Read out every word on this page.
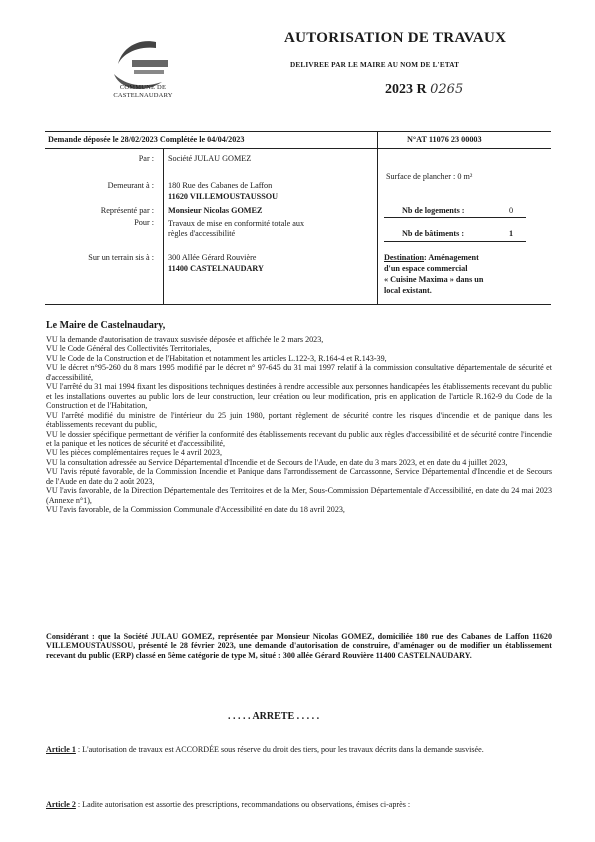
COMMUNE DE
CASTELNAUDARY
AUTORISATION DE TRAVAUX
DELIVREE PAR LE MAIRE AU NOM DE L'ETAT
2023 R 0265
Demande déposée le 28/02/2023 Complétée le 04/04/2023	N°AT 11076 23 00003
Par : Société JULAU GOMEZ
Demeurant à : 180 Rue des Cabanes de Laffon
11620 VILLEMOUSTAUSSOU
Représenté par : Monsieur Nicolas GOMEZ
Pour : Travaux de mise en conformité totale aux
règles d'accessibilité
Sur un terrain sis à : 300 Allée Gérard Rouvière
11400 CASTELNAUDARY
Surface de plancher : 0 m²
Nb de logements :	0
Nb de bâtiments :	1
Destination: Aménagement
d'un espace commercial
« Cuisine Maxima » dans un
local existant.
Le Maire de Castelnaudary,
VU la demande d'autorisation de travaux susvisée déposée et affichée le 2 mars 2023,
VU le Code Général des Collectivités Territoriales,
VU le Code de la Construction et de l'Habitation et notamment les articles L.122-3, R.164-4 et R.143-39,
VU le décret n°95-260 du 8 mars 1995 modifié par le décret n° 97-645 du 31 mai 1997 relatif à la commission consultative départementale de sécurité et d'accessibilité,
VU l'arrêté du 31 mai 1994 fixant les dispositions techniques destinées à rendre accessible aux personnes handicapées les établissements recevant du public et les installations ouvertes au public lors de leur construction, leur création ou leur modification, pris en application de l'article R.162-9 du Code de la Construction et de l'Habitation,
VU l'arrêté modifié du ministre de l'intérieur du 25 juin 1980, portant règlement de sécurité contre les risques d'incendie et de panique dans les établissements recevant du public,
VU le dossier spécifique permettant de vérifier la conformité des établissements recevant du public aux règles d'accessibilité et de sécurité contre l'incendie et la panique et les notices de sécurité et d'accessibilité,
VU les pièces complémentaires reçues le 4 avril 2023,
VU la consultation adressée au Service Départemental d'Incendie et de Secours de l'Aude, en date du 3 mars 2023, et en date du 4 juillet 2023,
VU l'avis réputé favorable, de la Commission Incendie et Panique dans l'arrondissement de Carcassonne, Service Départemental d'Incendie et de Secours de l'Aude en date du 2 août 2023,
VU l'avis favorable, de la Direction Départementale des Territoires et de la Mer, Sous-Commission Départementale d'Accessibilité, en date du 24 mai 2023 (Annexe n°1),
VU l'avis favorable, de la Commission Communale d'Accessibilité en date du 18 avril 2023,
Considérant : que la Société JULAU GOMEZ, représentée par Monsieur Nicolas GOMEZ, domiciliée 180 rue des Cabanes de Laffon 11620 VILLEMOUSTAUSSOU, présenté le 28 février 2023, une demande d'autorisation de construire, d'aménager ou de modifier un établissement recevant du public (ERP) classé en 5ème catégorie de type M, situé : 300 allée Gérard Rouvière 11400 CASTELNAUDARY.
. . . . . ARRETE . . . . .
Article 1 : L'autorisation de travaux est ACCORDÉE sous réserve du droit des tiers, pour les travaux décrits dans la demande susvisée.
Article 2 : Ladite autorisation est assortie des prescriptions, recommandations ou observations, émises ci-après :
